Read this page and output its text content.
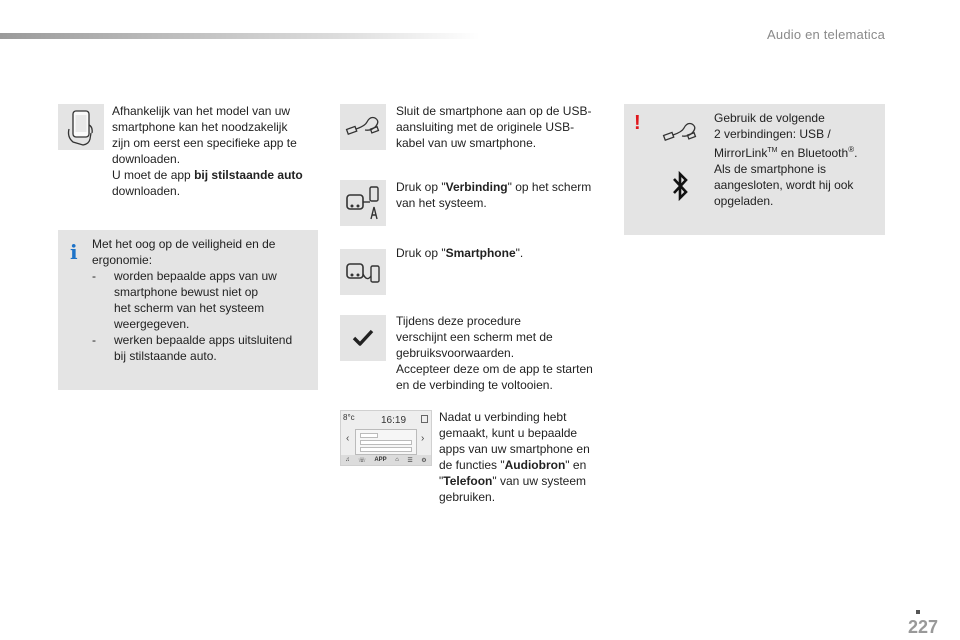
Audio en telematica
Afhankelijk van het model van uw
smartphone kan het noodzakelijk
zijn om eerst een specifieke app te
downloaden.
U moet de app bij stilstaande auto
downloaden.
i Met het oog op de veiligheid en de
ergonomie:
-	worden bepaalde apps van uw
smartphone bewust niet op
het scherm van het systeem
weergegeven.
-	werken bepaalde apps uitsluitend
bij stilstaande auto.
Sluit de smartphone aan op de USB-
aansluiting met de originele USB-
kabel van uw smartphone.
Druk op "Verbinding" op het scherm
van het systeem.
Druk op "Smartphone".
Tijdens deze procedure
verschijnt een scherm met de
gebruiksvoorwaarden.
Accepteer deze om de app te starten
en de verbinding te voltooien.
8°c	16:19
‹	›
♫ ☏ APP ⌂ ☰ ⚙
Nadat u verbinding hebt
gemaakt, kunt u bepaalde
apps van uw smartphone en
de functies "Audiobron" en
"Telefoon" van uw systeem
gebruiken.
!	Gebruik de volgende
2 verbindingen: USB /
MirrorLink™ en Bluetooth®.
Als de smartphone is
aangesloten, wordt hij ook
opgeladen.
227
